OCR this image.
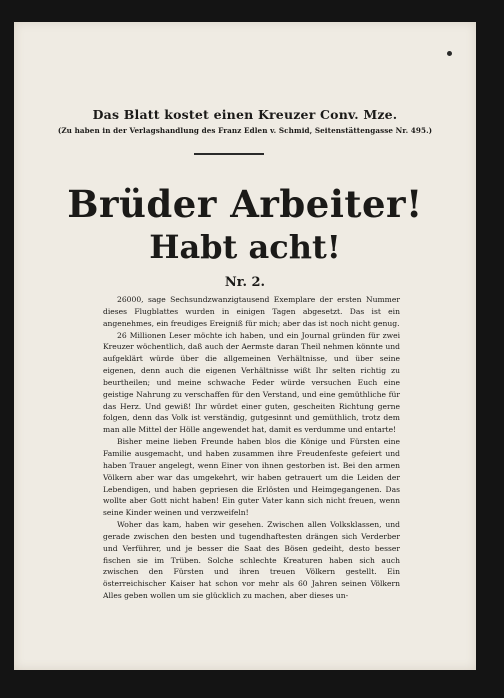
Das Blatt kostet einen Kreuzer Conv. Mze.
(Zu haben in der Verlagshandlung des Franz Edlen v. Schmid, Seitenstättengasse Nr. 495.)
Brüder Arbeiter!
Habt acht!
Nr. 2.

26000, sage Sechsundzwanzigtausend Exemplare der ersten Nummer dieses Flugblattes wurden in einigen Tagen abgesetzt. Das ist ein angenehmes, ein freudiges Ereigniß für mich; aber das ist noch nicht genug.

26 Millionen Leser möchte ich haben, und ein Journal gründen für zwei Kreuzer wöchentlich, daß auch der Aermste daran Theil nehmen könnte und aufgeklärt würde über die allgemeinen Verhältnisse, und über seine eigenen, denn auch die eigenen Verhältnisse wißt Ihr selten richtig zu beurtheilen; und meine schwache Feder würde versuchen Euch eine geistige Nahrung zu verschaffen für den Verstand, und eine gemüthliche für das Herz. Und gewiß! Ihr würdet einer guten, gescheiten Richtung gerne folgen, denn das Volk ist verständig, gutgesinnt und gemüthlich, trotz dem man alle Mittel der Hölle angewendet hat, damit es verdumme und entarte!

Bisher meine lieben Freunde haben blos die Könige und Fürsten eine Familie ausgemacht, und haben zusammen ihre Freudenfeste gefeiert und haben Trauer angelegt, wenn Einer von ihnen gestorben ist. Bei den armen Völkern aber war das umgekehrt, wir haben getrauert um die Leiden der Lebendigen, und haben gepriesen die Erlösten und Heimgegangenen. Das wollte aber Gott nicht haben! Ein guter Vater kann sich nicht freuen, wenn seine Kinder weinen und verzweifeln!

Woher das kam, haben wir gesehen. Zwischen allen Volksklassen, und gerade zwischen den besten und tugendhaftesten drängen sich Verderber und Verführer, und je besser die Saat des Bösen gedeiht, desto besser fischen sie im Trüben. Solche schlechte Kreaturen haben sich auch zwischen den Fürsten und ihren treuen Völkern gestellt. Ein österreichischer Kaiser hat schon vor mehr als 60 Jahren seinen Völkern Alles geben wollen um sie glücklich zu machen, aber dieses un-
